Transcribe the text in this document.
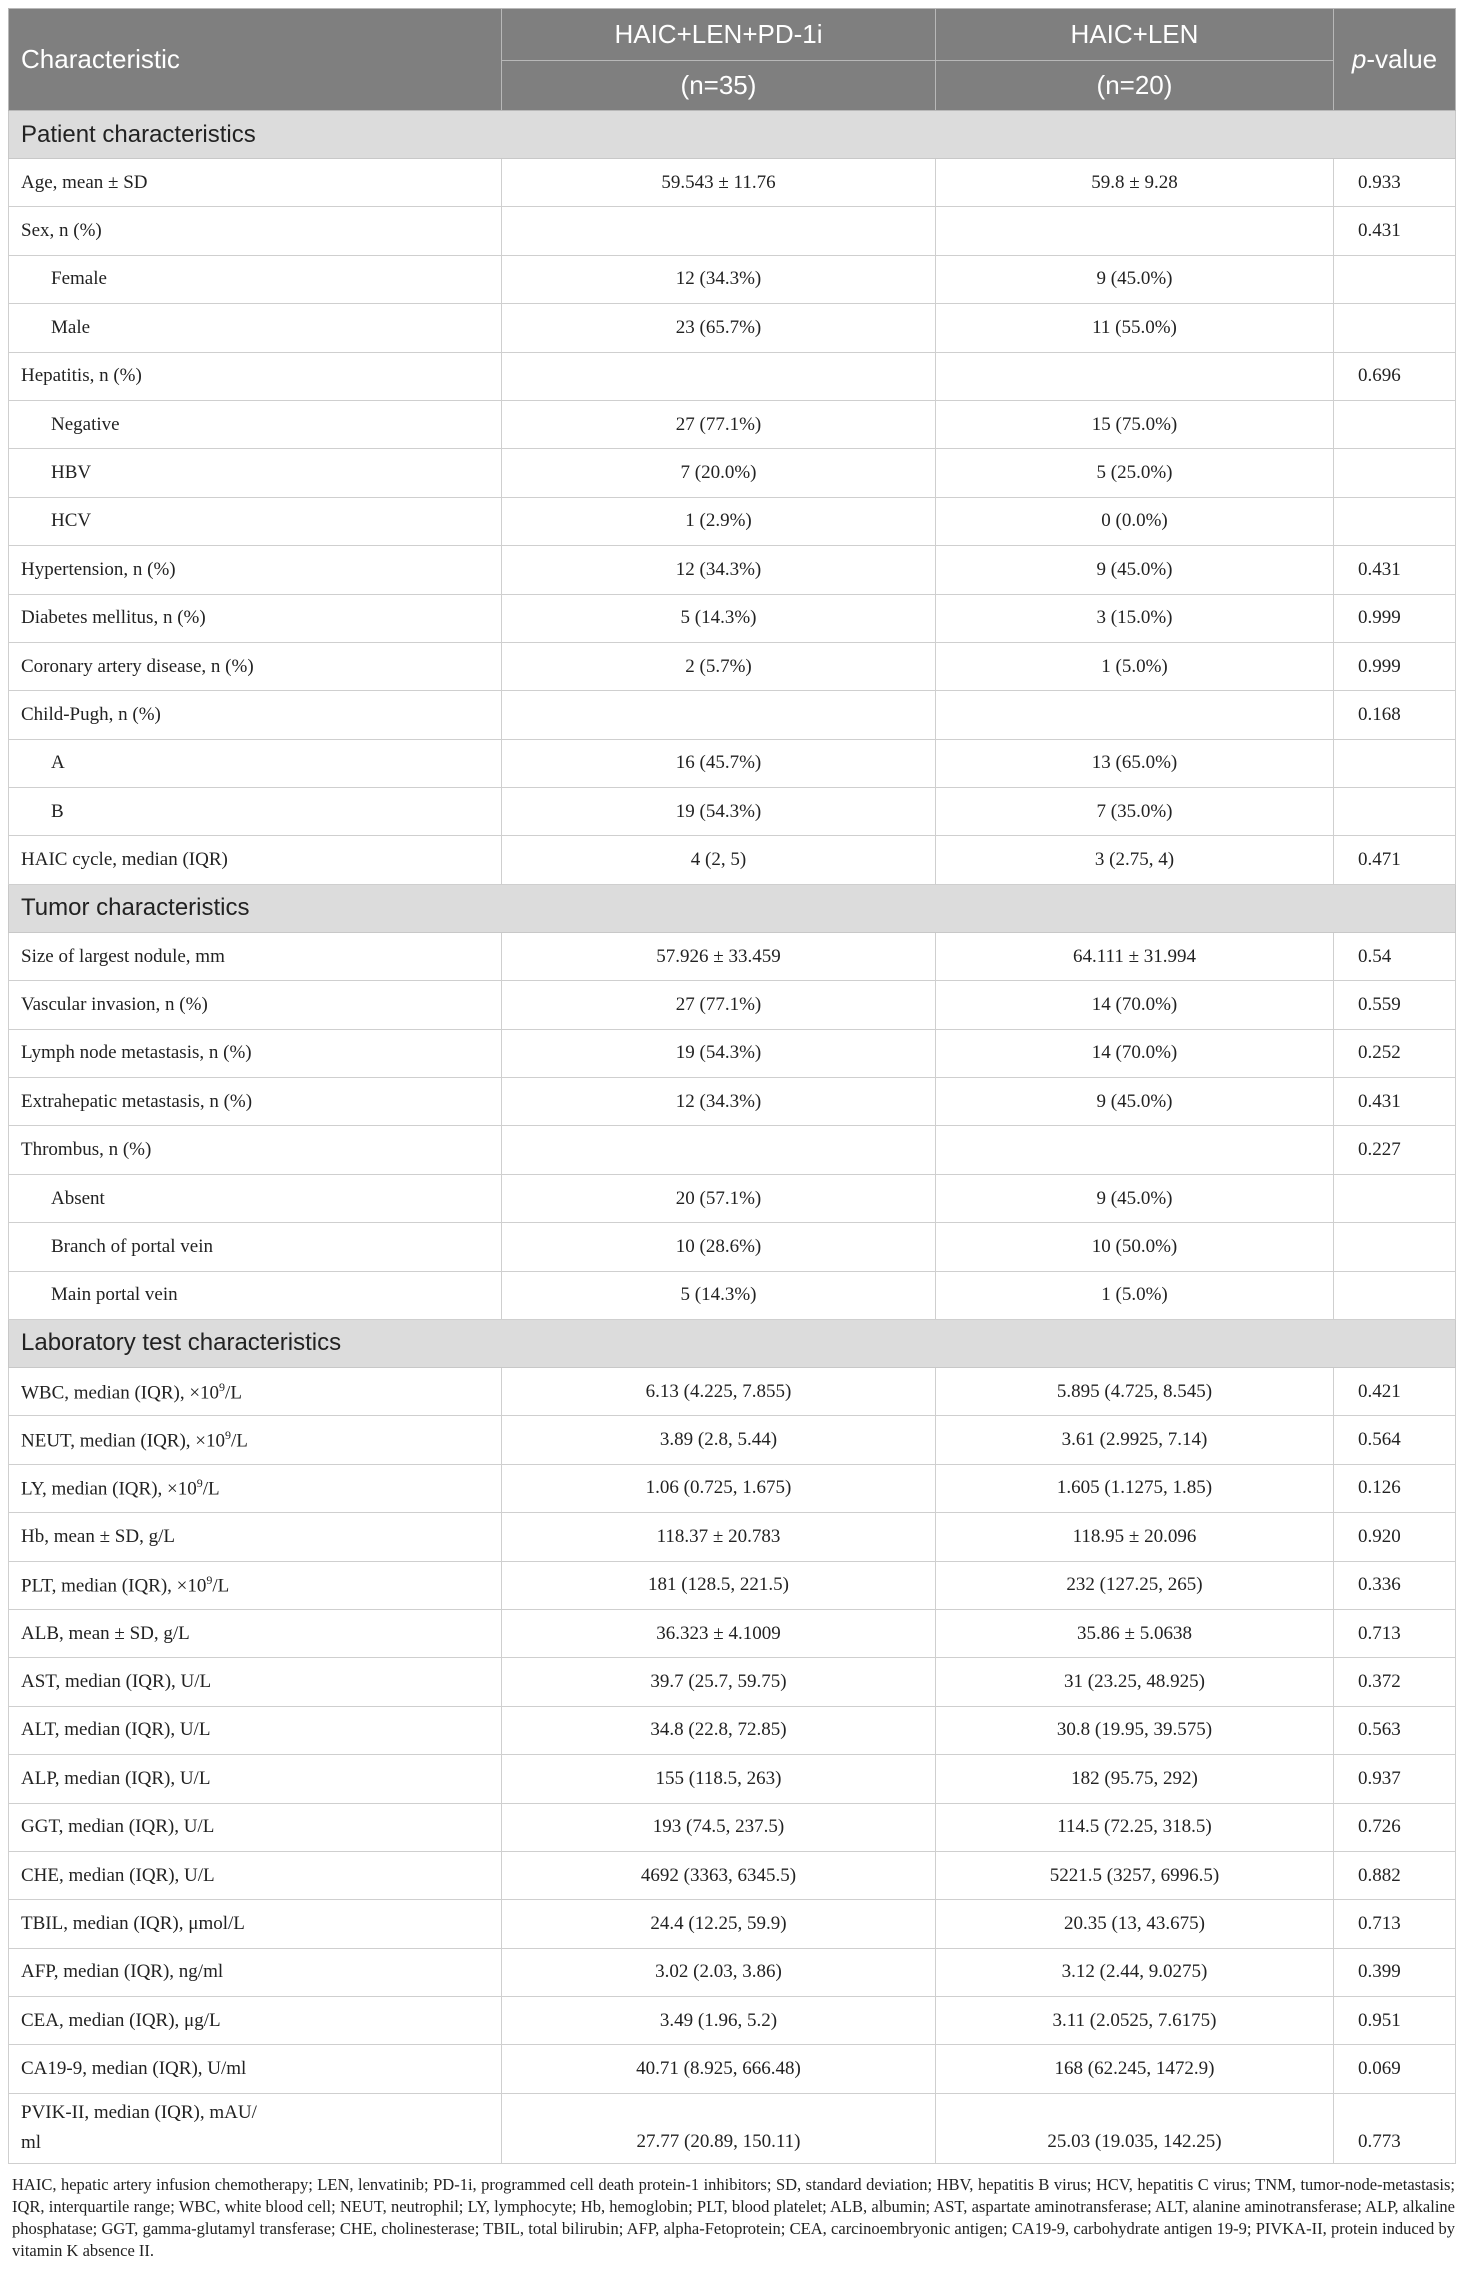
Characteristic	HAIC+LEN+PD-1i	HAIC+LEN	p-value
	(n=35)	(n=20)	
Patient characteristics			
Age, mean ± SD	59.543 ± 11.76	59.8 ± 9.28	0.933
Sex, n (%)			0.431
Female	12 (34.3%)	9 (45.0%)	
Male	23 (65.7%)	11 (55.0%)	
Hepatitis, n (%)			0.696
Negative	27 (77.1%)	15 (75.0%)	
HBV	7 (20.0%)	5 (25.0%)	
HCV	1 (2.9%)	0 (0.0%)	
Hypertension, n (%)	12 (34.3%)	9 (45.0%)	0.431
Diabetes mellitus, n (%)	5 (14.3%)	3 (15.0%)	0.999
Coronary artery disease, n (%)	2 (5.7%)	1 (5.0%)	0.999
Child-Pugh, n (%)			0.168
A	16 (45.7%)	13 (65.0%)	
B	19 (54.3%)	7 (35.0%)	
HAIC cycle, median (IQR)	4 (2, 5)	3 (2.75, 4)	0.471
Tumor characteristics			
Size of largest nodule, mm	57.926 ± 33.459	64.111 ± 31.994	0.54
Vascular invasion, n (%)	27 (77.1%)	14 (70.0%)	0.559
Lymph node metastasis, n (%)	19 (54.3%)	14 (70.0%)	0.252
Extrahepatic metastasis, n (%)	12 (34.3%)	9 (45.0%)	0.431
Thrombus, n (%)			0.227
Absent	20 (57.1%)	9 (45.0%)	
Branch of portal vein	10 (28.6%)	10 (50.0%)	
Main portal vein	5 (14.3%)	1 (5.0%)	
Laboratory test characteristics			
WBC, median (IQR), $\times 10^9/L$	6.13 (4.225, 7.855)	5.895 (4.725, 8.545)	0.421
NEUT, median (IQR), $\times 10^9/L$	3.89 (2.8, 5.44)	3.61 (2.9925, 7.14)	0.564
LY, median (IQR), $\times 10^9/L$	1.06 (0.725, 1.675)	1.605 (1.1275, 1.85)	0.126
Hb, mean ± SD, g/L	118.37 ± 20.783	118.95 ± 20.096	0.920
PLT, median (IQR), $\times 10^9/L$	181 (128.5, 221.5)	232 (127.25, 265)	0.336
ALB, mean ± SD, g/L	36.323 ± 4.1009	35.86 ± 5.0638	0.713
AST, median (IQR), U/L	39.7 (25.7, 59.75)	31 (23.25, 48.925)	0.372
ALT, median (IQR), U/L	34.8 (22.8, 72.85)	30.8 (19.95, 39.575)	0.563
ALP, median (IQR), U/L	155 (118.5, 263)	182 (95.75, 292)	0.937
GGT, median (IQR), U/L	193 (74.5, 237.5)	114.5 (72.25, 318.5)	0.726
CHE, median (IQR), U/L	4692 (3363, 6345.5)	5221.5 (3257, 6996.5)	0.882
TBIL, median (IQR), μmol/L	24.4 (12.25, 59.9)	20.35 (13, 43.675)	0.713
AFP, median (IQR), ng/ml	3.02 (2.03, 3.86)	3.12 (2.44, 9.0275)	0.399
CEA, median (IQR), μg/L	3.49 (1.96, 5.2)	3.11 (2.0525, 7.6175)	0.951
CA19-9, median (IQR), U/ml	40.71 (8.925, 666.48)	168 (62.245, 1472.9)	0.069
PVIK-II, median (IQR), mAU/
ml	27.77 (20.89, 150.11)	25.03 (19.035, 142.25)	0.773
HAIC, hepatic artery infusion chemotherapy; LEN, lenvatinib; PD-1i, programmed cell death protein-1 inhibitors; SD, standard deviation; HBV, hepatitis B virus; HCV, hepatitis C virus; TNM, tumor-node-metastasis; IQR, interquartile range; WBC, white blood cell; NEUT, neutrophil; LY, lymphocyte; Hb, hemoglobin; PLT, blood platelet; ALB, albumin; AST, aspartate aminotransferase; ALT, alanine aminotransferase; ALP, alkaline phosphatase; GGT, gamma-glutamyl transferase; CHE, cholinesterase; TBIL, total bilirubin; AFP, alpha-Fetoprotein; CEA, carcinoembryonic antigen; CA19-9, carbohydrate antigen 19-9; PIVKA-II, protein induced by vitamin K absence II.
